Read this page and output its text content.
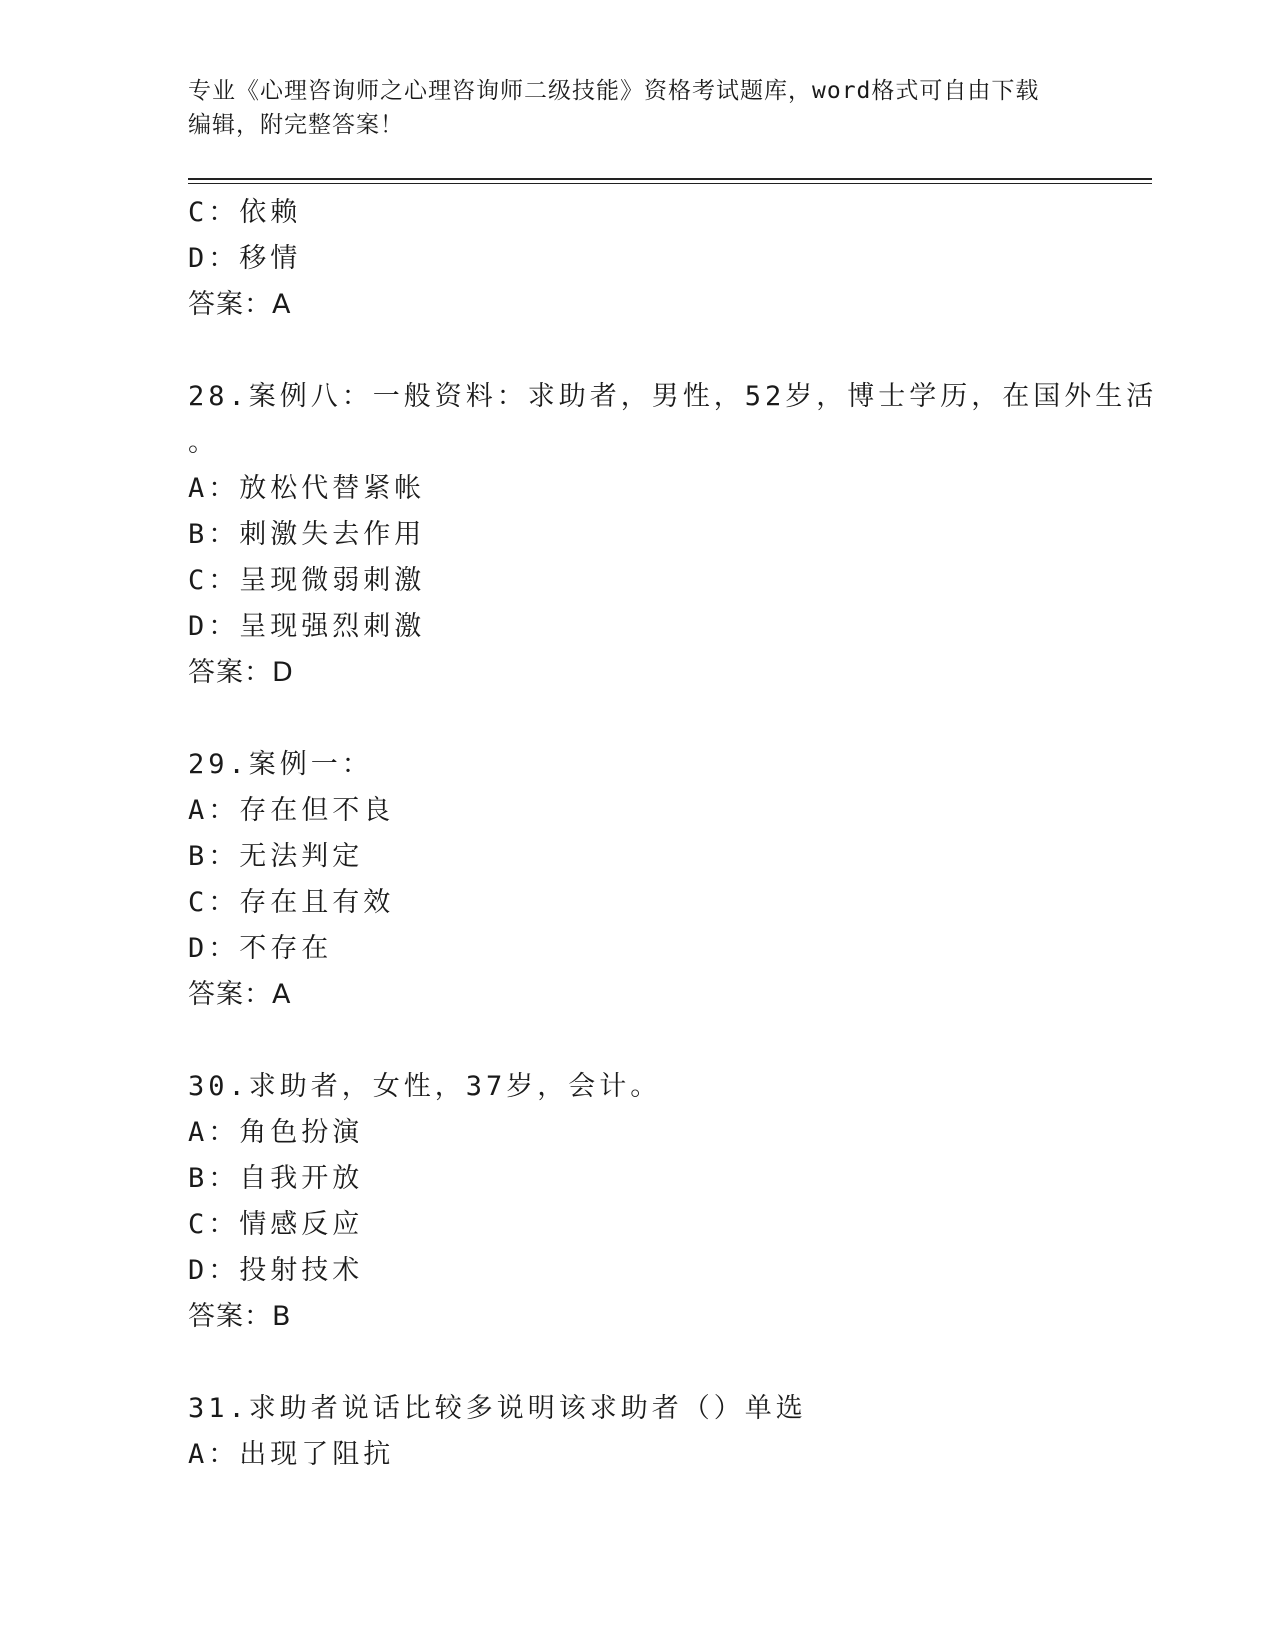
专业《心理咨询师之心理咨询师二级技能》资格考试题库，word格式可自由下载
编辑，附完整答案！
C：依赖
D：移情
答案：A
28.案例八：一般资料：求助者，男性，52岁，博士学历，在国外生活
。
A：放松代替紧帐
B：刺激失去作用
C：呈现微弱刺激
D：呈现强烈刺激
答案：D
29.案例一：
A：存在但不良
B：无法判定
C：存在且有效
D：不存在
答案：A
30.求助者，女性，37岁，会计。
A：角色扮演
B：自我开放
C：情感反应
D：投射技术
答案：B
31.求助者说话比较多说明该求助者（）单选
A：出现了阻抗
